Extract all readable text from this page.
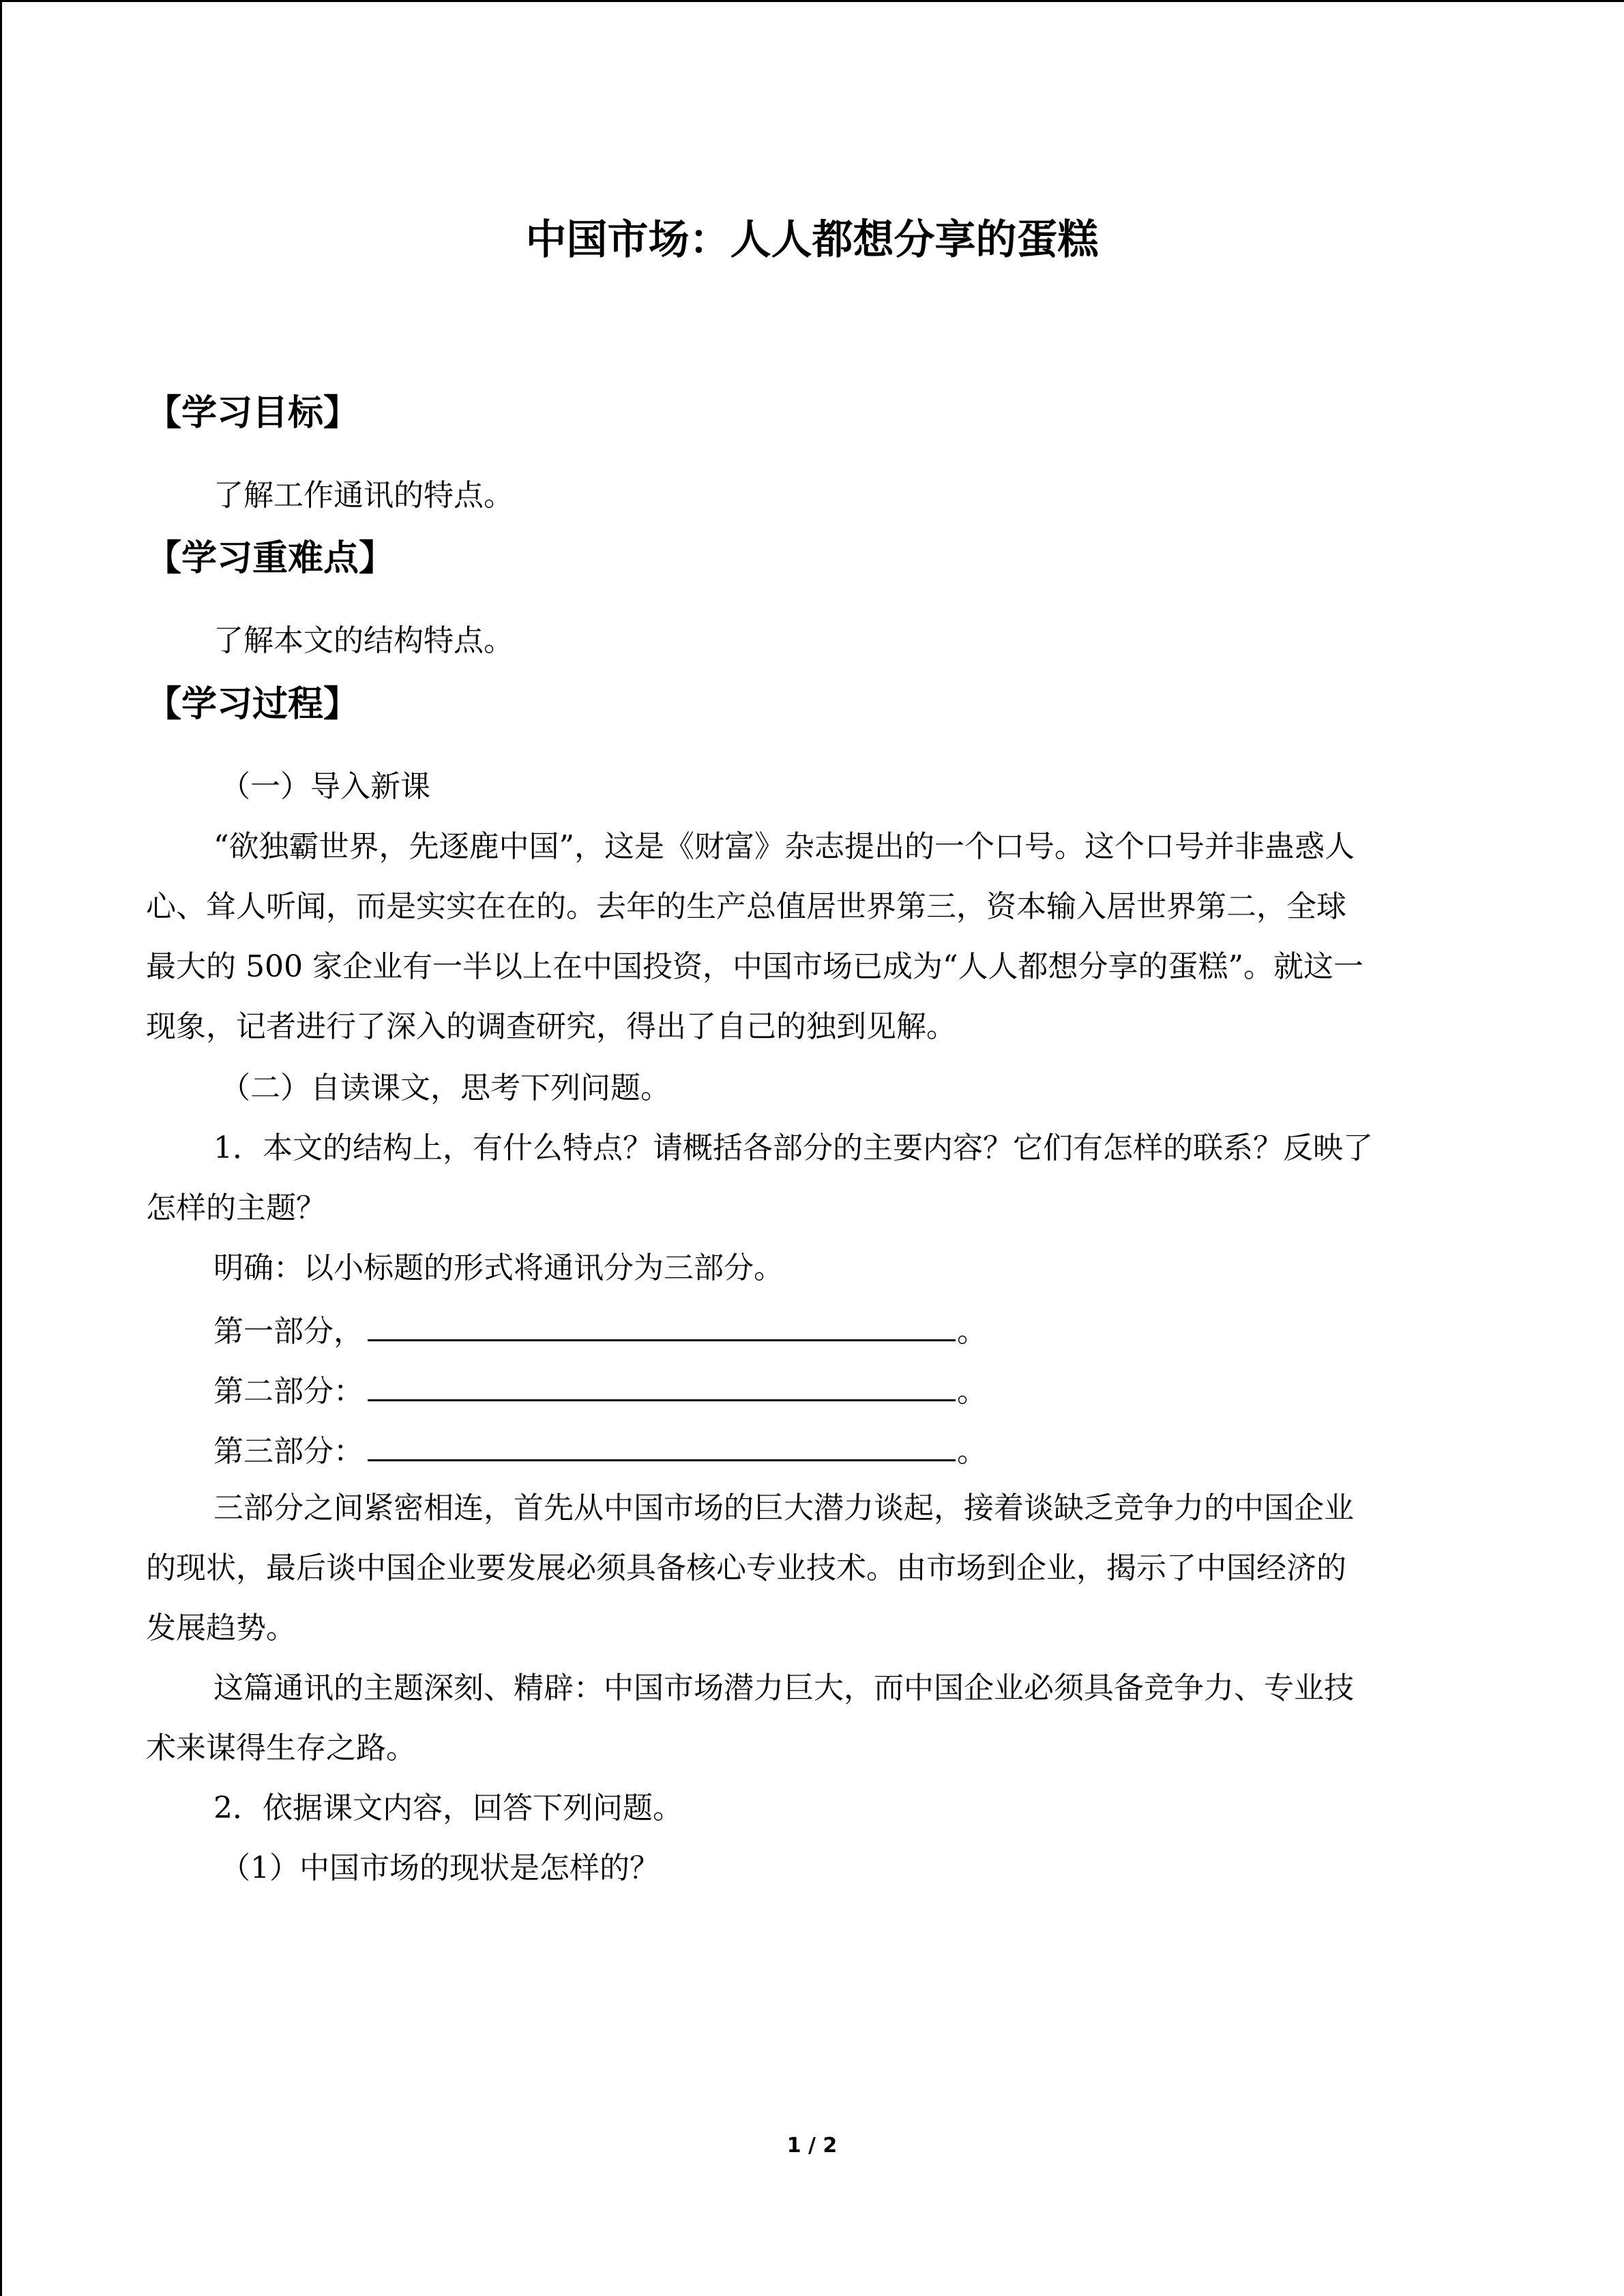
中国市场：人人都想分享的蛋糕
【学习目标】
了解工作通讯的特点。
【学习重难点】
了解本文的结构特点。
【学习过程】
（一）导入新课
“欲独霸世界，先逐鹿中国”，这是《财富》杂志提出的一个口号。这个口号并非蛊惑人
心、耸人听闻，而是实实在在的。去年的生产总值居世界第三，资本输入居世界第二，全球
最大的 500 家企业有一半以上在中国投资，中国市场已成为“人人都想分享的蛋糕”。就这一
现象，记者进行了深入的调查研究，得出了自己的独到见解。
（二）自读课文，思考下列问题。
1．本文的结构上，有什么特点？请概括各部分的主要内容？它们有怎样的联系？反映了
怎样的主题？
明确：以小标题的形式将通讯分为三部分。
第一部分，	。
第二部分：	。
第三部分：	。
三部分之间紧密相连，首先从中国市场的巨大潜力谈起，接着谈缺乏竞争力的中国企业
的现状，最后谈中国企业要发展必须具备核心专业技术。由市场到企业，揭示了中国经济的
发展趋势。
这篇通讯的主题深刻、精辟：中国市场潜力巨大，而中国企业必须具备竞争力、专业技
术来谋得生存之路。
2．依据课文内容，回答下列问题。
（1）中国市场的现状是怎样的？
1 / 2
